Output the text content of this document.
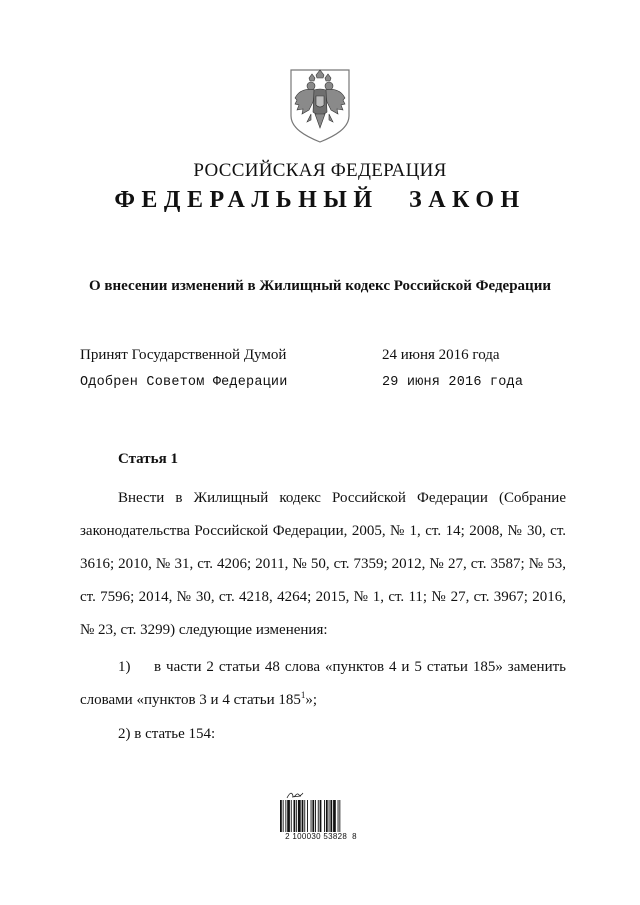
РОССИЙСКАЯ ФЕДЕРАЦИЯ
ФЕДЕРАЛЬНЫЙ ЗАКОН
О внесении изменений в Жилищный кодекс Российской Федерации
Принят Государственной Думой	24 июня 2016 года
Одобрен Советом Федерации	29 июня 2016 года
Статья 1
Внести в Жилищный кодекс Российской Федерации (Собрание законодательства Российской Федерации, 2005, № 1, ст. 14; 2008, № 30, ст. 3616; 2010, № 31, ст. 4206; 2011, № 50, ст. 7359; 2012, № 27, ст. 3587; № 53, ст. 7596; 2014, № 30, ст. 4218, 4264; 2015, № 1, ст. 11; № 27, ст. 3967; 2016, № 23, ст. 3299) следующие изменения:
1) в части 2 статьи 48 слова «пунктов 4 и 5 статьи 185» заменить словами «пунктов 3 и 4 статьи $185^1$»;
2) в статье 154:
2 100030 53828  8
